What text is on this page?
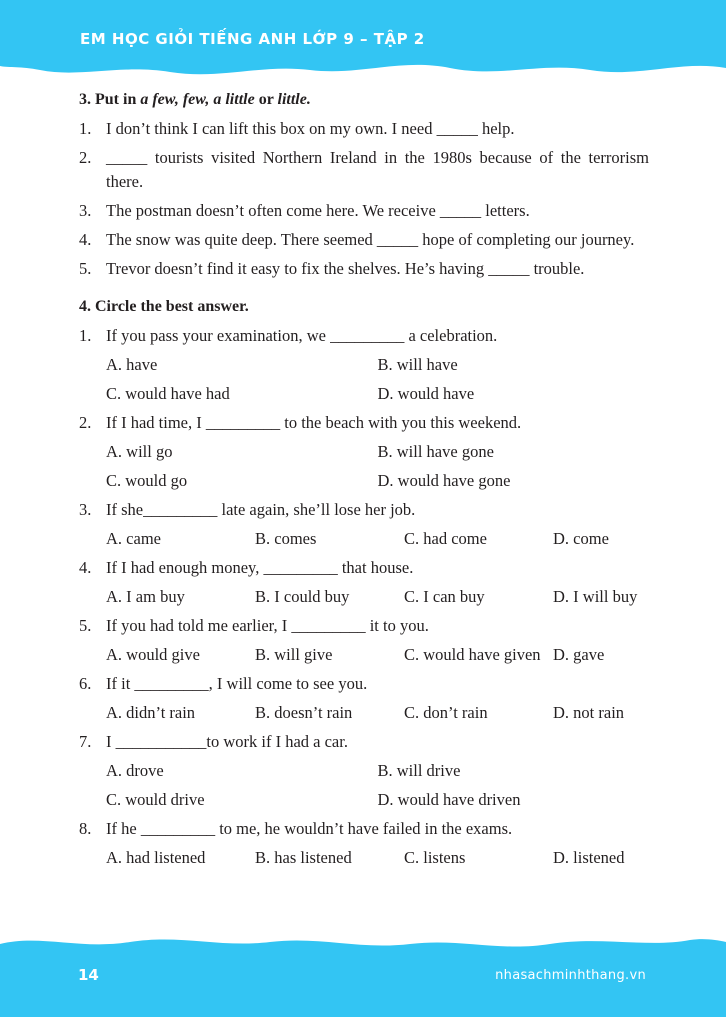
EM HỌC GIỎI TIẾNG ANH LỚP 9 – TẬP 2
3. Put in a few, few, a little or little.
1. I don’t think I can lift this box on my own. I need _____ help.
2. _____ tourists visited Northern Ireland in the 1980s because of the terrorism there.
3. The postman doesn’t often come here. We receive _____ letters.
4. The snow was quite deep. There seemed _____ hope of completing our journey.
5. Trevor doesn’t find it easy to fix the shelves. He’s having _____ trouble.
4. Circle the best answer.
1. If you pass your examination, we _________ a celebration.
A. have	B. will have
C. would have had	D. would have
2. If I had time, I _________ to the beach with you this weekend.
A. will go	B. will have gone
C. would go	D. would have gone
3. If she_________ late again, she’ll lose her job.
A. came	B. comes	C. had come	D. come
4. If I had enough money, _________ that house.
A. I am buy	B. I could buy	C. I can buy	D. I will buy
5. If you had told me earlier, I _________ it to you.
A. would give	B. will give	C. would have given D. gave
6. If it _________, I will come to see you.
A. didn’t rain	B. doesn’t rain	C. don’t rain	D. not rain
7. I ___________to work if I had a car.
A. drove	B. will drive
C. would drive	D. would have driven
8. If he _________ to me, he wouldn’t have failed in the exams.
A. had listened	B. has listened	C. listens	D. listened
14	nhasachminhthang.vn
